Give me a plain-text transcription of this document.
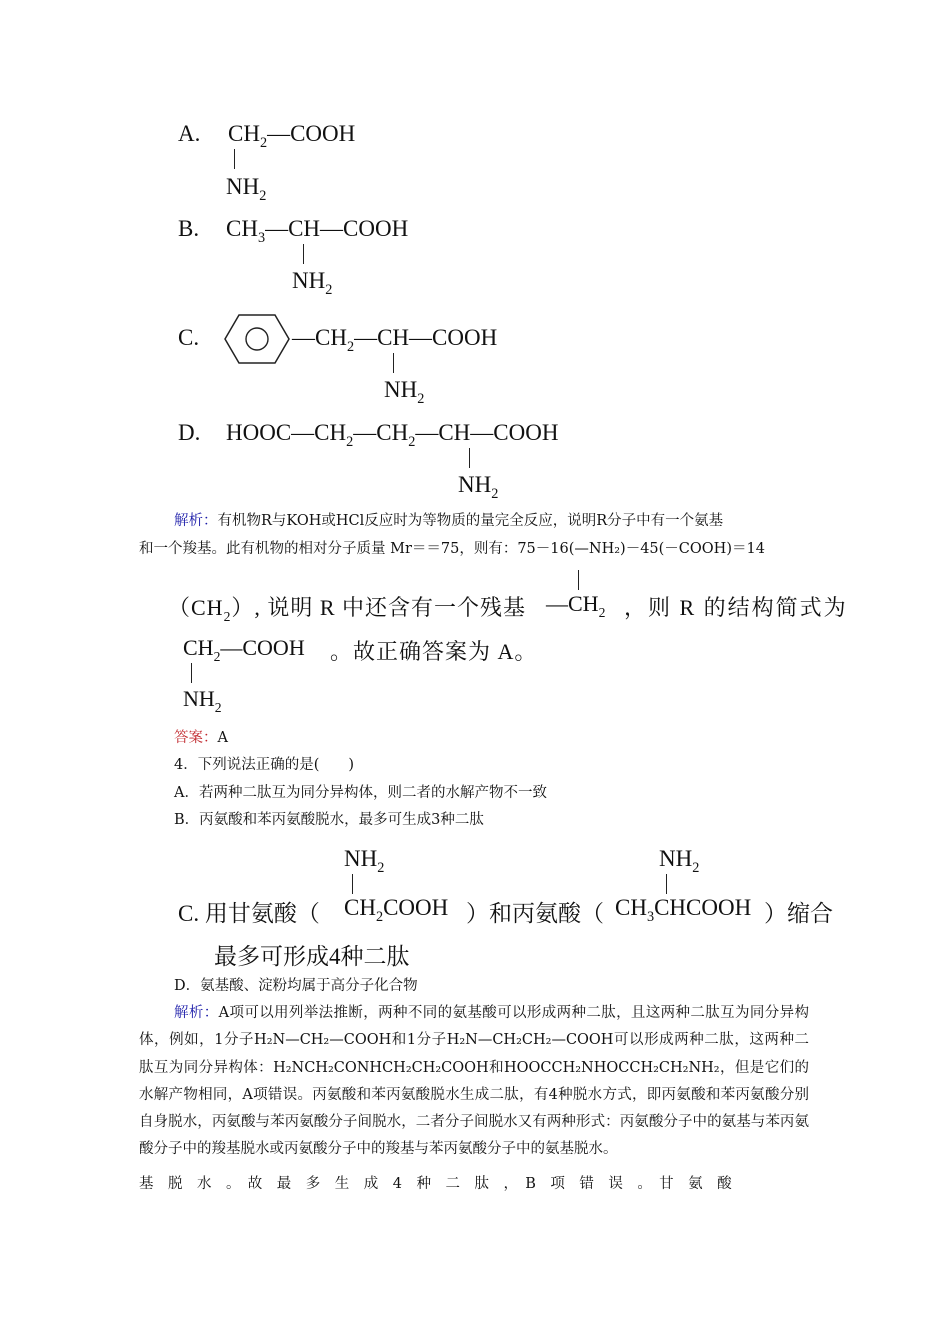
A. $CH_2—COOH$
$NH_2$
B. $CH_3—CH—COOH$
$NH_2$
C.	$—CH_2—CH—COOH$
$NH_2$
D. $HOOC—CH_2—CH_2—CH—COOH$
$NH_2$
解析：有机物R与KOH或HCl反应时为等物质的量完全反应，说明R分子中有一个氨基
和一个羧基。此有机物的相对分子质量 Mr＝＝75，则有：75－16(—NH₂)－45(－COOH)＝14
$(CH_2)$, 说明 R 中还含有一个残基 $—CH_2$ ，则 R 的结构简式为
$CH_2—COOH$ 。故正确答案为 A。
$NH_2$
答案：A
4．下列说法正确的是(　　)
A．若两种二肽互为同分异构体，则二者的水解产物不一致
B．丙氨酸和苯丙氨酸脱水，最多可生成3种二肽
$NH_2$	$NH_2$
C. 用甘氨酸（ $CH_2COOH$ ）和丙氨酸（ $CH_3CHCOOH$ ）缩合
最多可形成4种二肽
D．氨基酸、淀粉均属于高分子化合物

解析：A项可以用列举法推断，两种不同的氨基酸可以形成两种二肽，且这两种二肽互为同分异构体，例如，1分子H₂N—CH₂—COOH和1分子H₂N—CH₂CH₂—COOH可以形成两种二肽，这两种二肽互为同分异构体：H₂NCH₂CONHCH₂CH₂COOH和HOOCCH₂NHOCCH₂CH₂NH₂，但是它们的水解产物相同，A项错误。丙氨酸和苯丙氨酸脱水生成二肽，有4种脱水方式，即丙氨酸和苯丙氨酸分别自身脱水，丙氨酸与苯丙氨酸分子间脱水，二者分子间脱水又有两种形式：丙氨酸分子中的氨基与苯丙氨酸分子中的羧基脱水或丙氨酸分子中的羧基与苯丙氨酸分子中的氨基脱水。

基　脱　水　。　故　最　多　生　成　4　种　二　肽　，　B　项　错　误　。　甘　氨　酸
